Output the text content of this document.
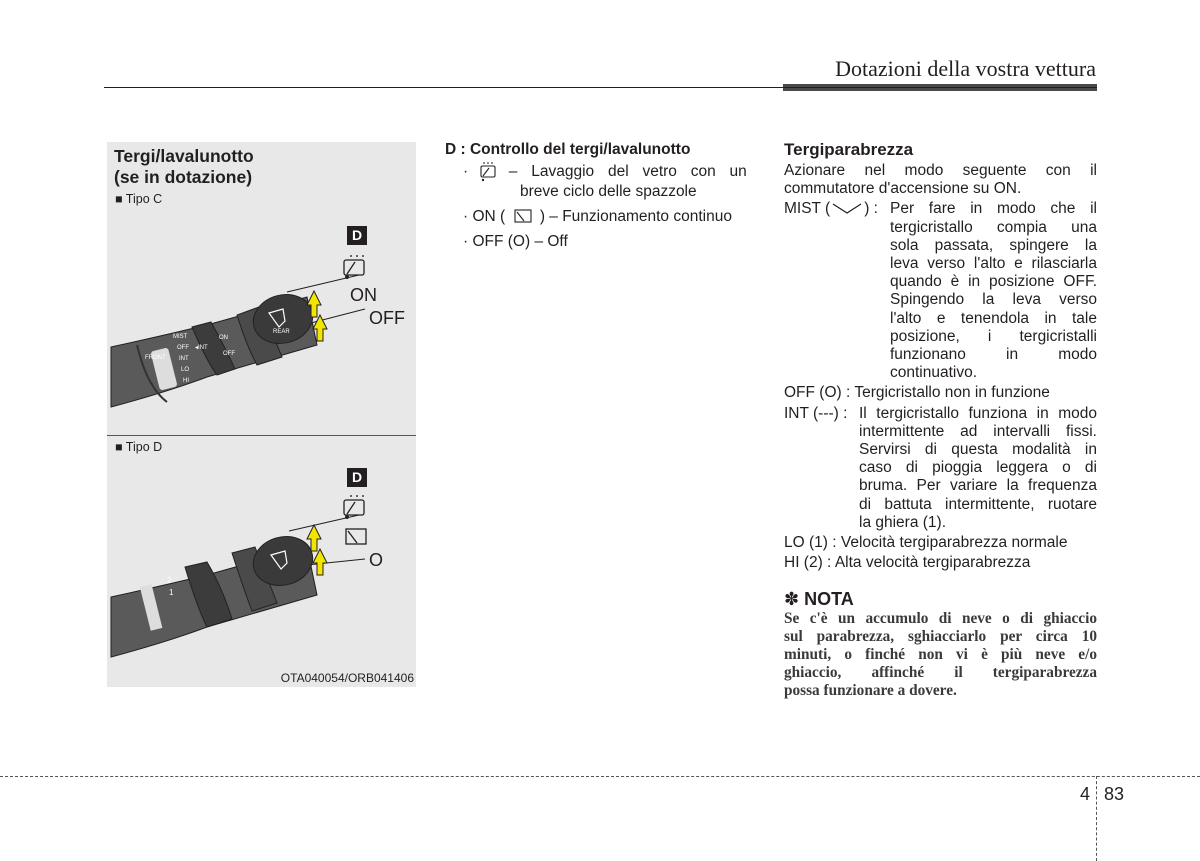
Dotazioni della vostra vettura
Tergi/lavalunotto
(se in dotazione)
■ Tipo C
FRONT
MIST
OFF
INT
LO
HI
◂INT
ON
OFF
REAR
D
ON
OFF
■ Tipo D
2
1
D
O
OTA040054/ORB041406
D : Controllo del tergi/lavalunotto
·	– Lavaggio del vetro con un
breve ciclo delle spazzole
· ON ( ) – Funzionamento continuo
· OFF (O) – Off
Tergiparabrezza
Azionare nel modo seguente con il
commutatore d'accensione su ON.
MIST ( ) : Per fare in modo che il
tergicristallo compia una
sola passata, spingere la
leva verso l'alto e rilasciarla
quando è in posizione OFF.
Spingendo la leva verso
l'alto e tenendola in tale
posizione, i tergicristalli
funzionano in modo
continuativo.
OFF (O) : Tergicristallo non in funzione
INT (---) : Il tergicristallo funziona in modo
intermittente ad intervalli fissi.
Servirsi di questa modalità in
caso di pioggia leggera o di
bruma. Per variare la frequenza
di battuta intermittente, ruotare
la ghiera (1).
LO (1) : Velocità tergiparabrezza normale
HI (2) : Alta velocità tergiparabrezza
✽ NOTA
Se c'è un accumulo di neve o di ghiaccio
sul parabrezza, sghiacciarlo per circa 10
minuti, o finché non vi è più neve e/o
ghiaccio, affinché il tergiparabrezza
possa funzionare a dovere.
4 83
